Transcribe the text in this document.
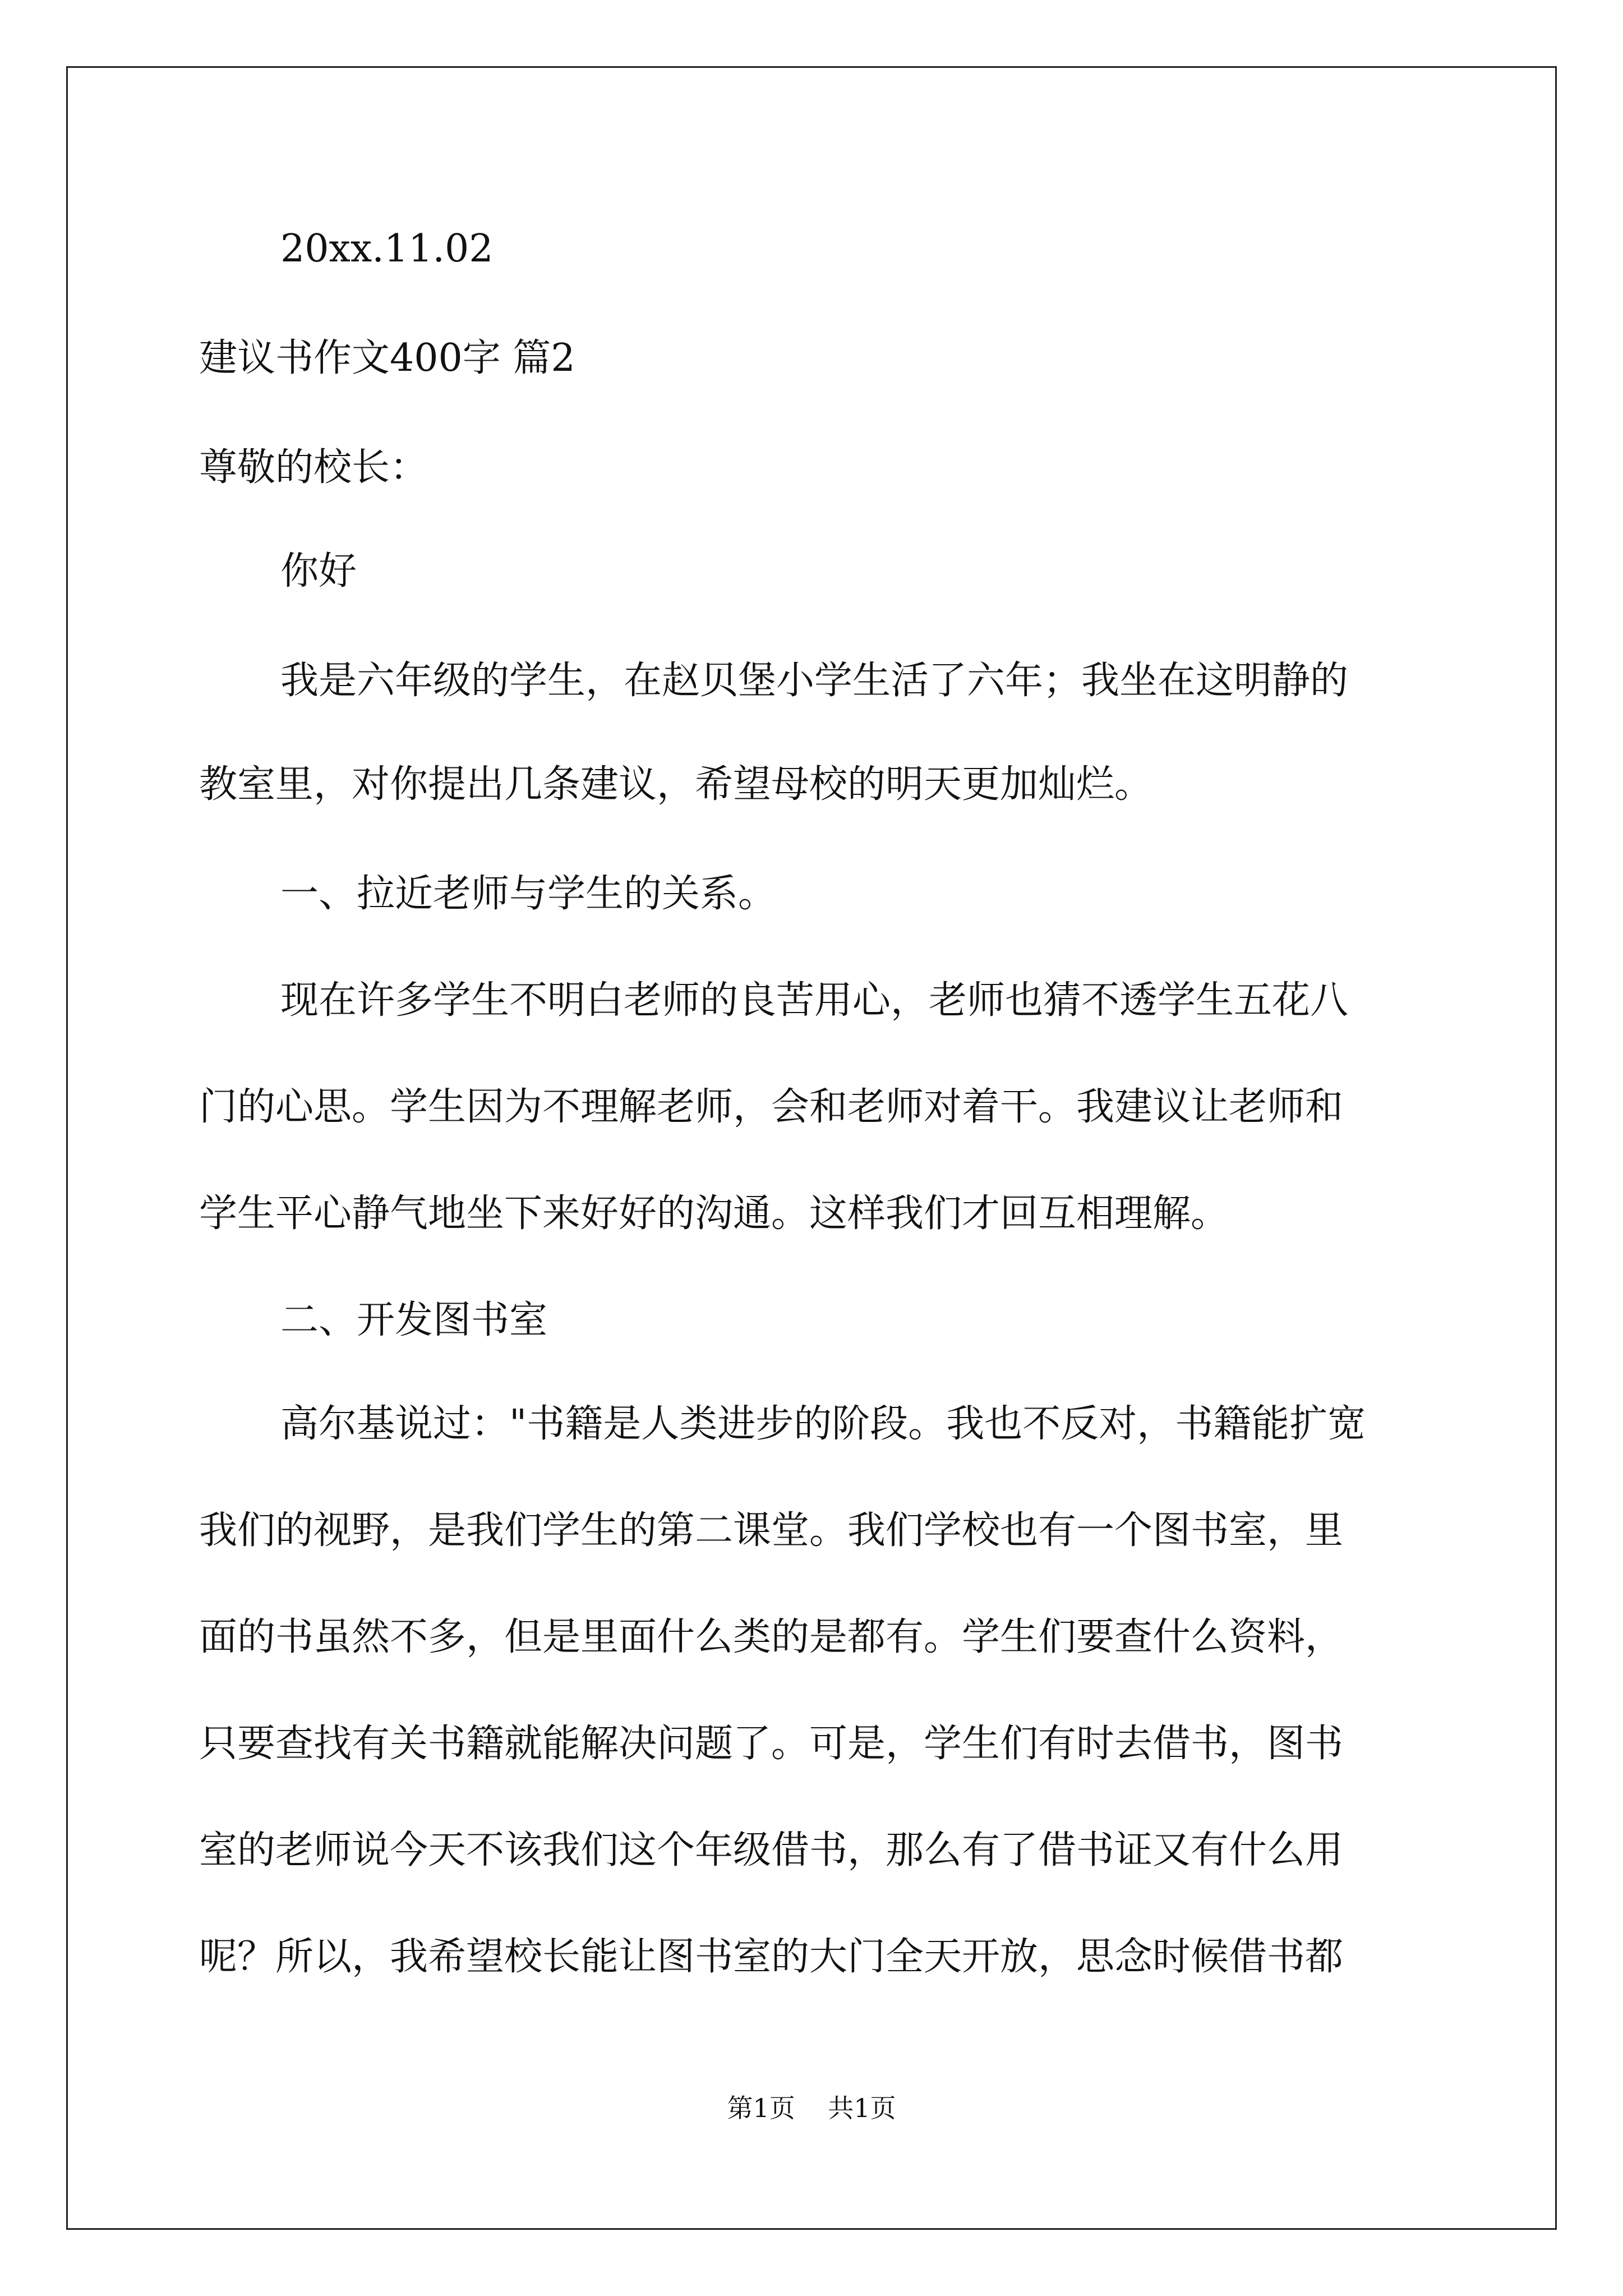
20xx.11.02
建议书作文400字 篇2
尊敬的校长：
你好
我是六年级的学生，在赵贝堡小学生活了六年；我坐在这明静的
教室里，对你提出几条建议，希望母校的明天更加灿烂。
一、拉近老师与学生的关系。
现在许多学生不明白老师的良苦用心，老师也猜不透学生五花八
门的心思。学生因为不理解老师，会和老师对着干。我建议让老师和
学生平心静气地坐下来好好的沟通。这样我们才回互相理解。
二、开发图书室
高尔基说过："书籍是人类进步的阶段。我也不反对，书籍能扩宽
我们的视野，是我们学生的第二课堂。我们学校也有一个图书室，里
面的书虽然不多，但是里面什么类的是都有。学生们要查什么资料，
只要查找有关书籍就能解决问题了。可是，学生们有时去借书，图书
室的老师说今天不该我们这个年级借书，那么有了借书证又有什么用
呢？所以，我希望校长能让图书室的大门全天开放，思念时候借书都
第1页    共1页
